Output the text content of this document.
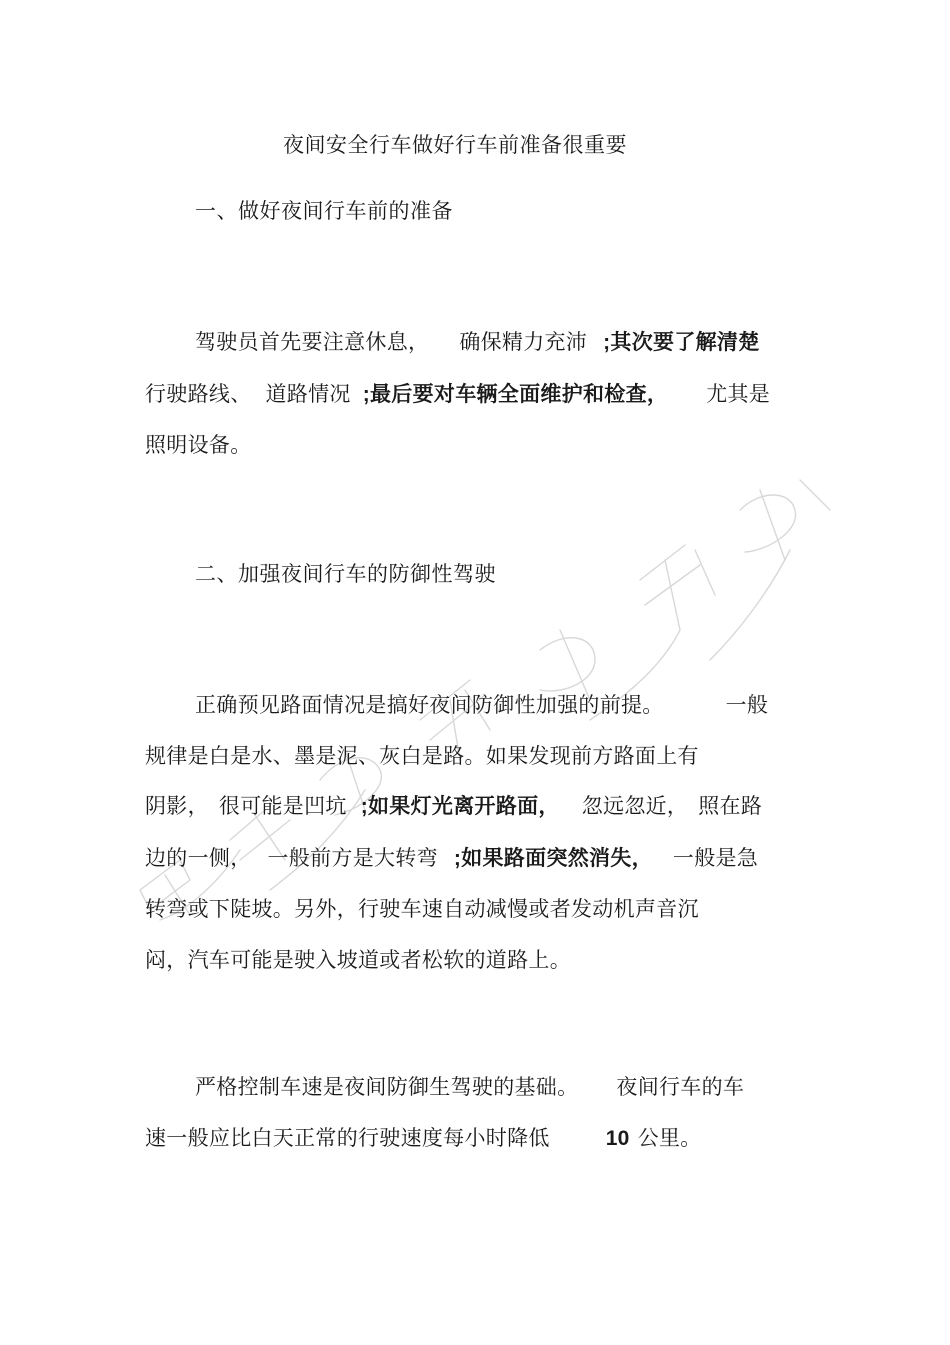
夜间安全行车做好行车前准备很重要
一、做好夜间行车前的准备
驾驶员首先要注意休息， 确保精力充沛 ;其次要了解清楚
行驶路线、 道路情况 ;最后要对车辆全面维护和检查， 尤其是
照明设备。
二、加强夜间行车的防御性驾驶
正确预见路面情况是搞好夜间防御性加强的前提。	一般
规律是白是水、墨是泥、灰白是路。如果发现前方路面上有
阴影， 很可能是凹坑 ;如果灯光离开路面， 忽远忽近， 照在路
边的一侧， 一般前方是大转弯 ;如果路面突然消失， 一般是急
转弯或下陡坡。另外，行驶车速自动减慢或者发动机声音沉
闷，汽车可能是驶入坡道或者松软的道路上。
严格控制车速是夜间防御生驾驶的基础。 夜间行车的车
速一般应比白天正常的行驶速度每小时降低	10 公里。
